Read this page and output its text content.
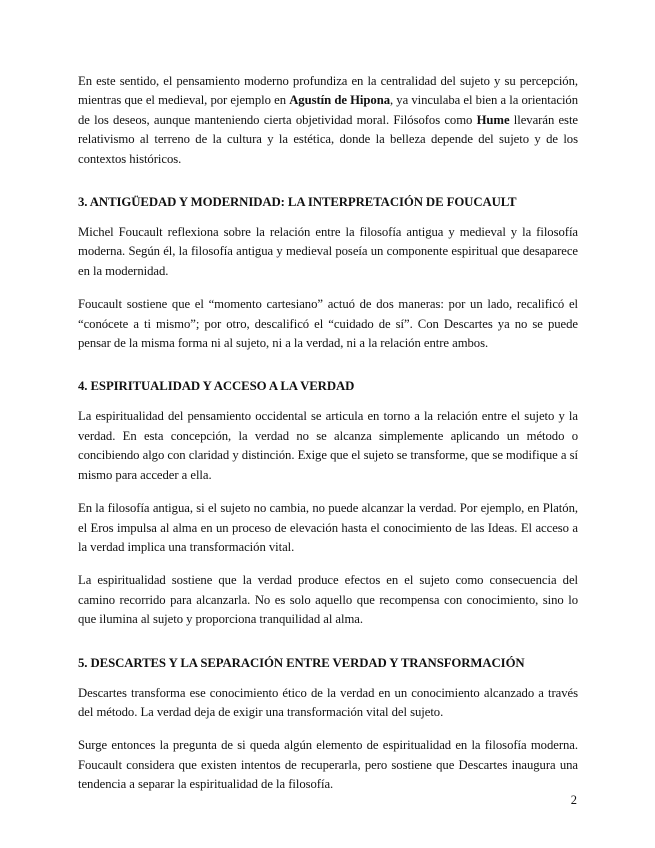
En este sentido, el pensamiento moderno profundiza en la centralidad del sujeto y su percepción, mientras que el medieval, por ejemplo en Agustín de Hipona, ya vinculaba el bien a la orientación de los deseos, aunque manteniendo cierta objetividad moral. Filósofos como Hume llevarán este relativismo al terreno de la cultura y la estética, donde la belleza depende del sujeto y de los contextos históricos.

3. ANTIGÜEDAD Y MODERNIDAD: LA INTERPRETACIÓN DE FOUCAULT

Michel Foucault reflexiona sobre la relación entre la filosofía antigua y medieval y la filosofía moderna. Según él, la filosofía antigua y medieval poseía un componente espiritual que desaparece en la modernidad.

Foucault sostiene que el “momento cartesiano” actuó de dos maneras: por un lado, recalificó el “conócete a ti mismo”; por otro, descalificó el “cuidado de sí”. Con Descartes ya no se puede pensar de la misma forma ni al sujeto, ni a la verdad, ni a la relación entre ambos.

4. ESPIRITUALIDAD Y ACCESO A LA VERDAD

La espiritualidad del pensamiento occidental se articula en torno a la relación entre el sujeto y la verdad. En esta concepción, la verdad no se alcanza simplemente aplicando un método o concibiendo algo con claridad y distinción. Exige que el sujeto se transforme, que se modifique a sí mismo para acceder a ella.

En la filosofía antigua, si el sujeto no cambia, no puede alcanzar la verdad. Por ejemplo, en Platón, el Eros impulsa al alma en un proceso de elevación hasta el conocimiento de las Ideas. El acceso a la verdad implica una transformación vital.

La espiritualidad sostiene que la verdad produce efectos en el sujeto como consecuencia del camino recorrido para alcanzarla. No es solo aquello que recompensa con conocimiento, sino lo que ilumina al sujeto y proporciona tranquilidad al alma.

5. DESCARTES Y LA SEPARACIÓN ENTRE VERDAD Y TRANSFORMACIÓN

Descartes transforma ese conocimiento ético de la verdad en un conocimiento alcanzado a través del método. La verdad deja de exigir una transformación vital del sujeto.

Surge entonces la pregunta de si queda algún elemento de espiritualidad en la filosofía moderna. Foucault considera que existen intentos de recuperarla, pero sostiene que Descartes inaugura una tendencia a separar la espiritualidad de la filosofía.

2
